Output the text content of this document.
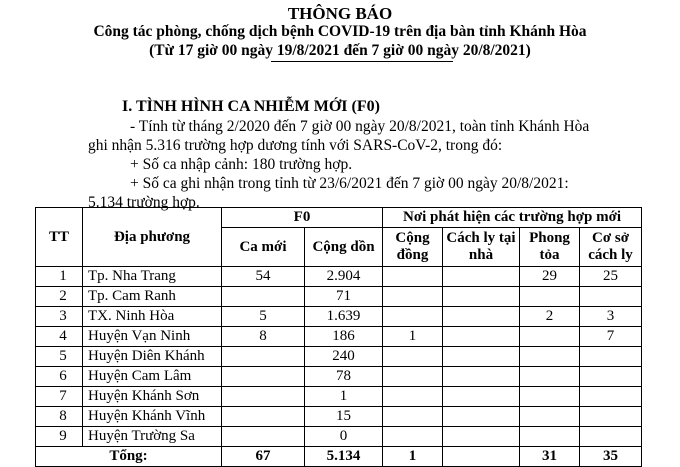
THÔNG BÁO
Công tác phòng, chống dịch bệnh COVID-19 trên địa bàn tỉnh Khánh Hòa
(Từ 17 giờ 00 ngày 19/8/2021 đến 7 giờ 00 ngày 20/8/2021)
I. TÌNH HÌNH CA NHIỄM MỚI (F0)
- Tính từ tháng 2/2020 đến 7 giờ 00 ngày 20/8/2021, toàn tỉnh Khánh Hòa
ghi nhận 5.316 trường hợp dương tính với SARS-CoV-2, trong đó:
+ Số ca nhập cảnh: 180 trường hợp.
+ Số ca ghi nhận trong tỉnh từ 23/6/2021 đến 7 giờ 00 ngày 20/8/2021:
5.134 trường hợp.
TT	Địa phương	F0		Nơi phát hiện các trường hợp mới			
		Ca mới	Cộng dồn	Cộng đồng	Cách ly tại nhà	Phong tỏa	Cơ sở cách ly
1	Tp. Nha Trang	54	2.904			29	25
2	Tp. Cam Ranh		71				
3	TX. Ninh Hòa	5	1.639			2	3
4	Huyện Vạn Ninh	8	186	1			7
5	Huyện Diên Khánh		240				
6	Huyện Cam Lâm		78				
7	Huyện Khánh Sơn		1				
8	Huyện Khánh Vĩnh		15				
9	Huyện Trường Sa		0				
Tổng:		67	5.134	1		31	35
